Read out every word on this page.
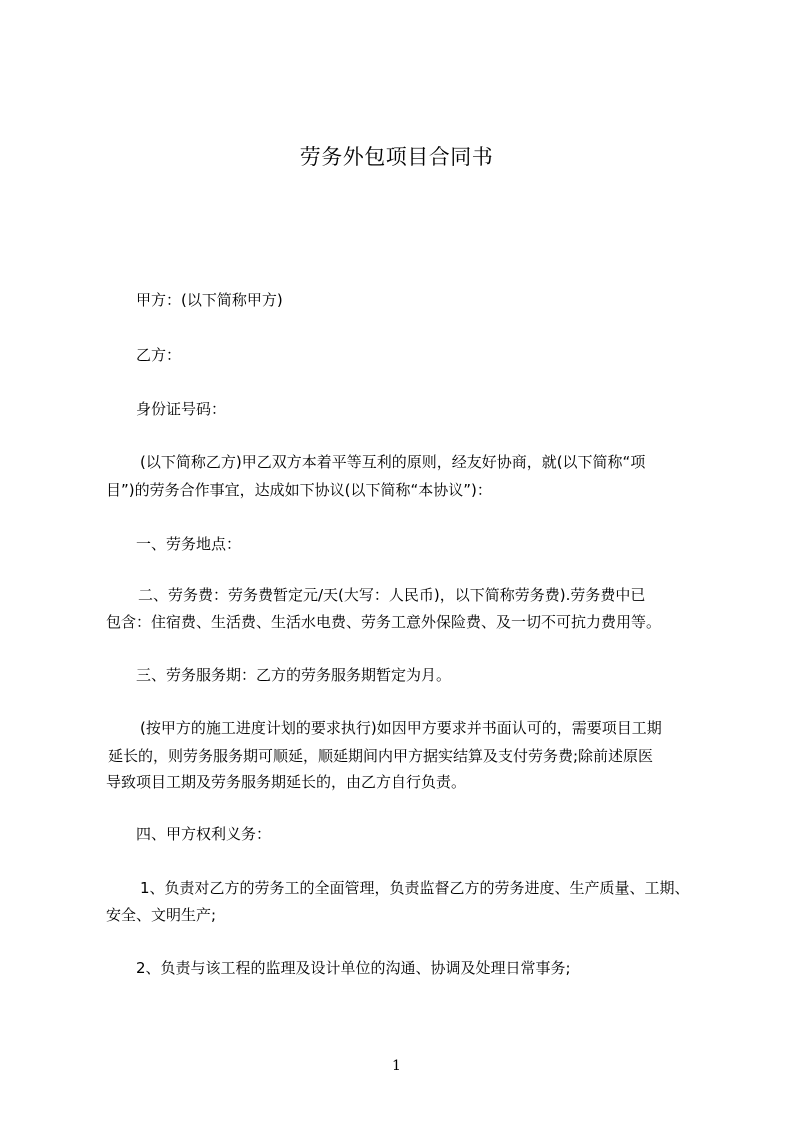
劳务外包项目合同书
甲方：(以下简称甲方)
乙方：
身份证号码：
(以下简称乙方)甲乙双方本着平等互利的原则，经友好协商，就(以下简称“项
目”)的劳务合作事宜，达成如下协议(以下简称“本协议”)：
一、劳务地点：
二、劳务费：劳务费暂定元/天(大写：人民币)，以下简称劳务费).劳务费中已
包含：住宿费、生活费、生活水电费、劳务工意外保险费、及一切不可抗力费用等。
三、劳务服务期：乙方的劳务服务期暂定为月。
(按甲方的施工进度计划的要求执行)如因甲方要求并书面认可的，需要项目工期
延长的，则劳务服务期可顺延，顺延期间内甲方据实结算及支付劳务费;除前述原医
导致项目工期及劳务服务期延长的，由乙方自行负责。
四、甲方权利义务：
1、负责对乙方的劳务工的全面管理，负责监督乙方的劳务进度、生产质量、工期、
安全、文明生产;
2、负责与该工程的监理及设计单位的沟通、协调及处理日常事务;
1
